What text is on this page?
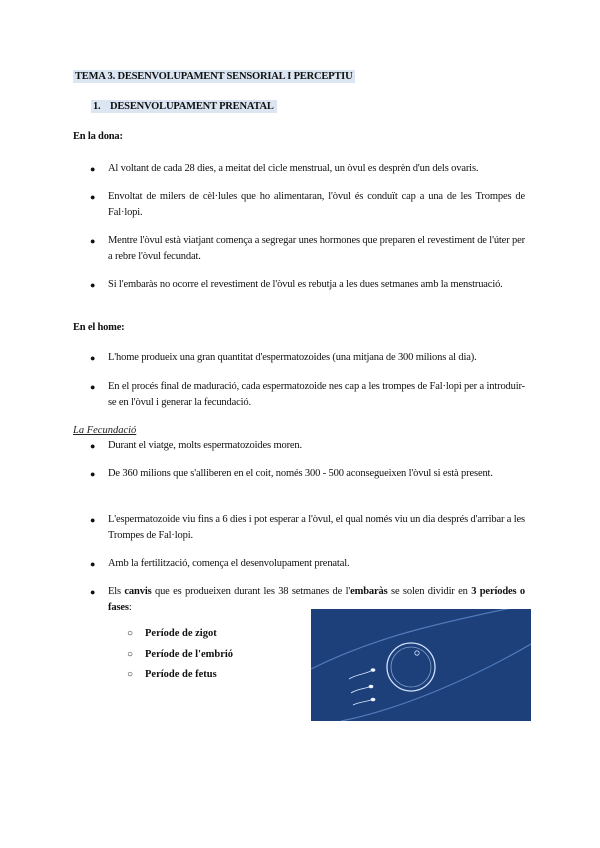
TEMA 3. DESENVOLUPAMENT SENSORIAL I PERCEPTIU
1. DESENVOLUPAMENT PRENATAL
En la dona:
● Al voltant de cada 28 dies, a meitat del cicle menstrual, un òvul es desprèn d'un dels ovaris.
● Envoltat de milers de cèl·lules que ho alimentaran, l'òvul és conduït cap a una de les Trompes de Fal·lopi.
● Mentre l'òvul està viatjant comença a segregar unes hormones que preparen el revestiment de l'úter per a rebre l'òvul fecundat.
● Si l'embaràs no ocorre el revestiment de l'òvul es rebutja a les dues setmanes amb la menstruació.
En el home:
● L'home produeix una gran quantitat d'espermatozoides (una mitjana de 300 milions al dia).
● En el procés final de maduració, cada espermatozoide nes cap a les trompes de Fal·lopi per a introduir-se en l'òvul i generar la fecundació.
La Fecundació
● Durant el viatge, molts espermatozoides moren.
● De 360 milions que s'alliberen en el coit, només 300 - 500 aconsegueixen l'òvul si està present.
● L'espermatozoide viu fins a 6 dies i pot esperar a l'òvul, el qual només viu un dia després d'arribar a les Trompes de Fal·lopi.
● Amb la fertilització, comença el desenvolupament prenatal.
● Els canvis que es produeixen durant les 38 setmanes de l'embaràs se solen dividir en 3 períodes o fases:
○ Període de zigot
○ Període de l'embrió
○ Període de fetus
